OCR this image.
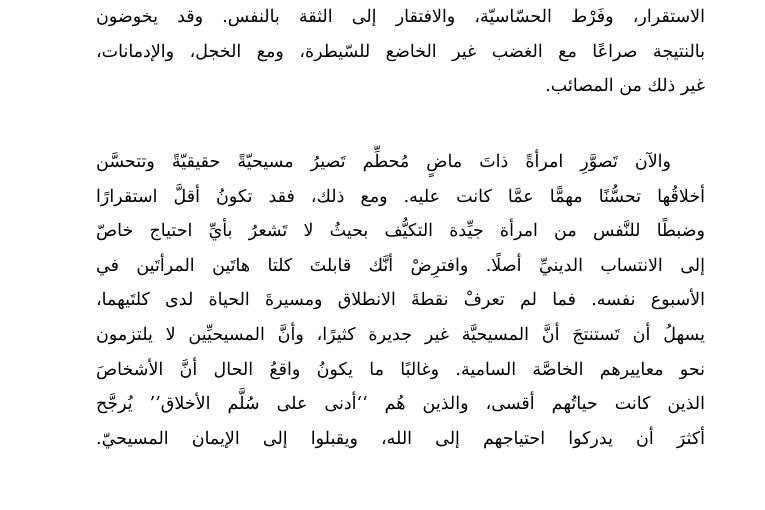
الاستقرار، وفَرْط الحسّاسيّة، والافتقار إلى الثقة بالنفس. وقد يخوضون
بالنتيجة صراعًا مع الغضب غير الخاضع للسّيطرة، ومع الخجل، والإدمانات،
غير ذلك من المصائب.
والآن تَصوَّرِ امرأةً ذاتَ ماضٍ مُحطِّم تَصيرُ مسيحيّةً حقيقيّةً وتتحسَّن
أخلاقُها تحسُّنًا مهمًّا عمَّا كانت عليه. ومع ذلك، فقد تكونُ أقلَّ استقرارًا
وضبطًا للنَّفس من امرأة جيِّدة التكيُّف بحيثُ لا تَشعرُ بأيِّ احتياج خاصّ
إلى الانتساب الدينيِّ أصلًا. وافترِضْ أنَّك قابلتَ كلتا هاتَين المرأتَين في
الأسبوع نفسه. فما لم تعرفْ نقطةَ الانطلاق ومسيرةَ الحياة لدى كلتَيهما،
يسهلُ أن تَستنتجَ أنَّ المسيحيَّة غير جديرة كثيرًا، وأنَّ المسيحيِّين لا يلتزمون
نحو معاييرهم الخاصَّة السامية. وغالبًا ما يكونُ واقعُ الحال أنَّ الأشخاصَ
الذين كانت حياتُهم أقسى، والذين هُم ‘‘أدنى على سُلَّم الأخلاق’’ يُرجَّح
أكثرَ أن يدركوا احتياجهم إلى الله، ويقبلوا إلى الإيمان المسيحيّ.
